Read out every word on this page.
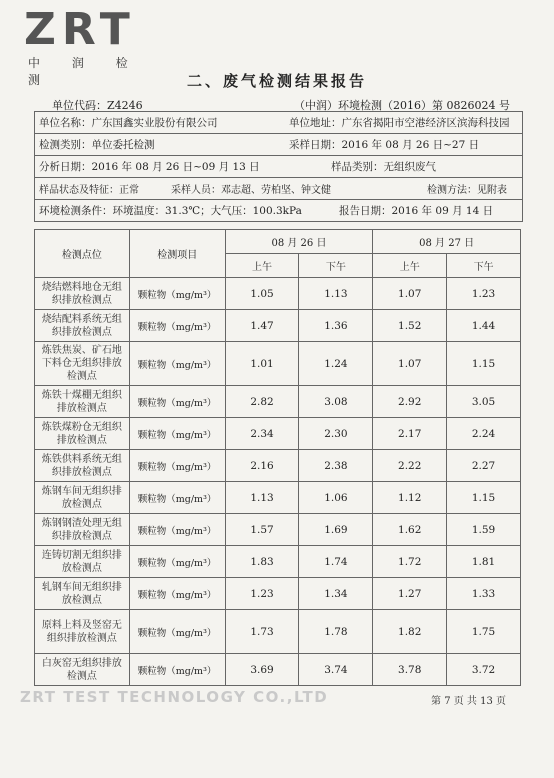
ZRT
中 润 检 测	二、废气检测结果报告
单位代码：Z4246	（中润）环境检测（2016）第 0826024 号
单位名称：广东国鑫实业股份有限公司	单位地址：广东省揭阳市空港经济区滨海科技园
检测类别：单位委托检测	采样日期：2016 年 08 月 26 日~27 日
分析日期：2016 年 08 月 26 日~09 月 13 日	样品类别：无组织废气
样品状态及特征：正常	采样人员：邓志超、劳柏坚、钟文健	检测方法：见附表
环境检测条件：环境温度：31.3℃；大气压：100.3kPa	报告日期：2016 年 09 月 14 日
检测点位	检测项目	08 月 26 日		08 月 27 日	
		上午	下午	上午	下午
烧结燃料地仓无组织排放检测点	颗粒物（mg/m³）	1.05	1.13	1.07	1.23
烧结配料系统无组织排放检测点	颗粒物（mg/m³）	1.47	1.36	1.52	1.44
炼铁焦炭、矿石地下料仓无组织排放检测点	颗粒物（mg/m³）	1.01	1.24	1.07	1.15
炼铁十煤棚无组织排放检测点	颗粒物（mg/m³）	2.82	3.08	2.92	3.05
炼铁煤粉仓无组织排放检测点	颗粒物（mg/m³）	2.34	2.30	2.17	2.24
炼铁供料系统无组织排放检测点	颗粒物（mg/m³）	2.16	2.38	2.22	2.27
炼钢车间无组织排放检测点	颗粒物（mg/m³）	1.13	1.06	1.12	1.15
炼钢钢渣处理无组织排放检测点	颗粒物（mg/m³）	1.57	1.69	1.62	1.59
连铸切割无组织排放检测点	颗粒物（mg/m³）	1.83	1.74	1.72	1.81
轧钢车间无组织排放检测点	颗粒物（mg/m³）	1.23	1.34	1.27	1.33
原料上料及竖窑无组织排放检测点	颗粒物（mg/m³）	1.73	1.78	1.82	1.75
白灰窑无组织排放检测点	颗粒物（mg/m³）	3.69	3.74	3.78	3.72
ZRT TEST TECHNOLOGY CO.,LTD	第 7 页 共 13 页
